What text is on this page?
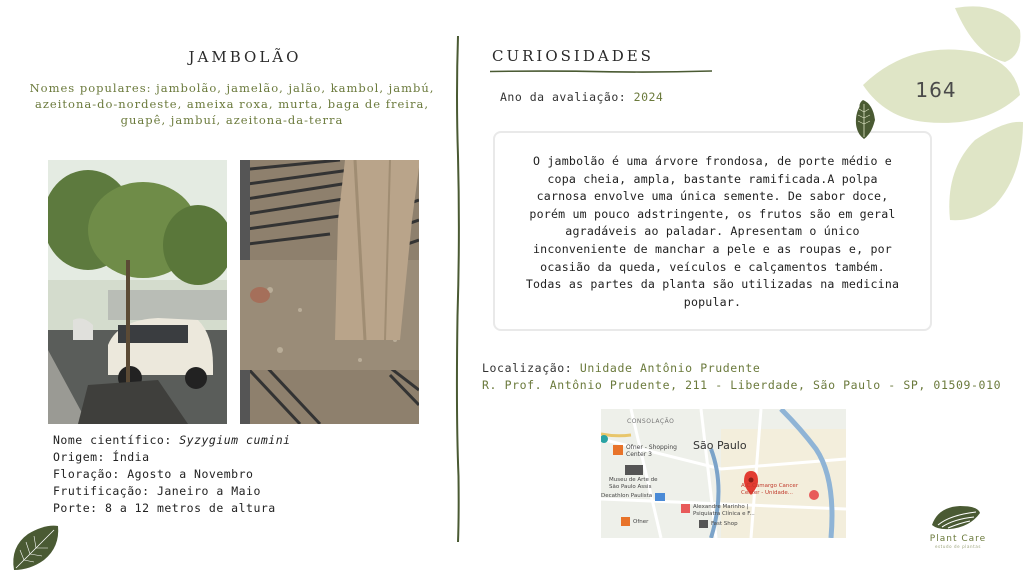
JAMBOLÃO
Nomes populares: jambolão, jamelão, jalão, kambol, jambú, azeitona-do-nordeste, ameixa roxa, murta, baga de freira, guapê, jambuí, azeitona-da-terra
Nome científico: Syzygium cumini
Origem: Índia
Floração: Agosto a Novembro
Frutificação: Janeiro a Maio
Porte: 8 a 12 metros de altura
CURIOSIDADES
Ano da avaliação: 2024

O jambolão é uma árvore frondosa, de porte médio e copa cheia, ampla, bastante ramificada.A polpa carnosa envolve uma única semente. De sabor doce, porém um pouco adstringente, os frutos são em geral agradáveis ao paladar. Apresentam o único inconveniente de manchar a pele e as roupas e, por ocasião da queda, veículos e calçamentos também. Todas as partes da planta são utilizadas na medicina popular.

Localização: Unidade Antônio Prudente
R. Prof. Antônio Prudente, 211 - Liberdade, São Paulo - SP, 01509-010
CONSOLAÇÃO
São Paulo
Ofner - Shopping
Center 3
Museu de Arte de
São Paulo Assis
Decathlon Paulista
A.C.Camargo Cancer
Center - Unidade...
Alexandre Marinho |
Psiquiatra Clínica e F...
Ofner	Fast Shop
164
Plant Care
estudo de plantas
